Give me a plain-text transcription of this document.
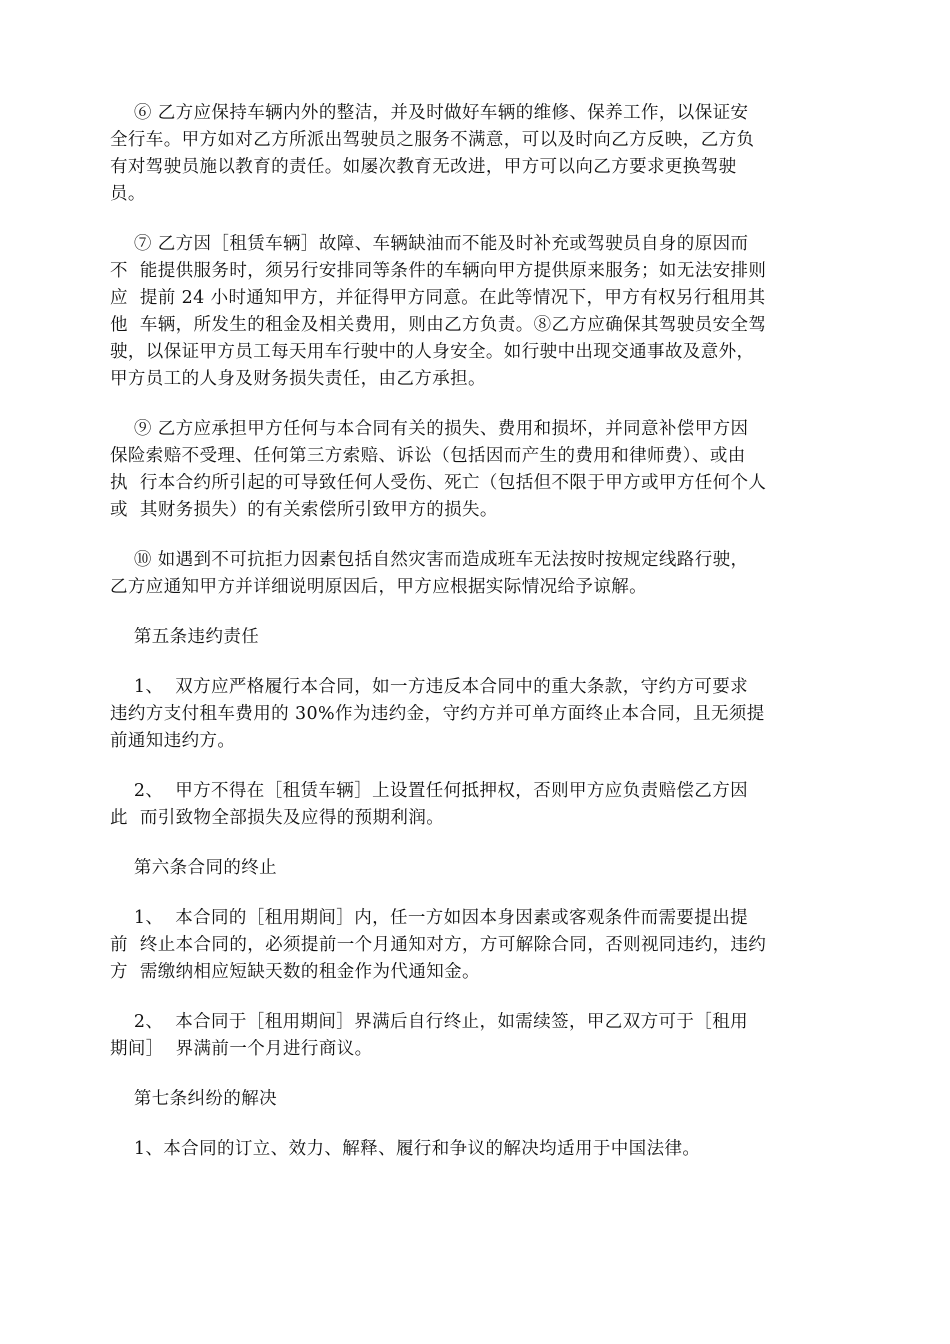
⑥ 乙方应保持车辆内外的整洁，并及时做好车辆的维修、保养工作，以保证安

全行车。甲方如对乙方所派出驾驶员之服务不满意，可以及时向乙方反映，乙方负

有对驾驶员施以教育的责任。如屡次教育无改进，甲方可以向乙方要求更换驾驶

员。

⑦ 乙方因［租赁车辆］故障、车辆缺油而不能及时补充或驾驶员自身的原因而

不  能提供服务时，须另行安排同等条件的车辆向甲方提供原来服务；如无法安排则

应  提前 24 小时通知甲方，并征得甲方同意。在此等情况下，甲方有权另行租用其

他  车辆，所发生的租金及相关费用，则由乙方负责。⑧乙方应确保其驾驶员安全驾

驶，以保证甲方员工每天用车行驶中的人身安全。如行驶中出现交通事故及意外，

甲方员工的人身及财务损失责任，由乙方承担。

⑨ 乙方应承担甲方任何与本合同有关的损失、费用和损坏，并同意补偿甲方因

保险索赔不受理、任何第三方索赔、诉讼（包括因而产生的费用和律师费）、或由

执  行本合约所引起的可导致任何人受伤、死亡（包括但不限于甲方或甲方任何个人

或  其财务损失）的有关索偿所引致甲方的损失。

⑩ 如遇到不可抗拒力因素包括自然灾害而造成班车无法按时按规定线路行驶，

乙方应通知甲方并详细说明原因后，甲方应根据实际情况给予谅解。

第五条违约责任

1、  双方应严格履行本合同，如一方违反本合同中的重大条款，守约方可要求

违约方支付租车费用的 30%作为违约金，守约方并可单方面终止本合同，且无须提

前通知违约方。

2、  甲方不得在［租赁车辆］上设置任何抵押权，否则甲方应负责赔偿乙方因

此  而引致物全部损失及应得的预期利润。

第六条合同的终止

1、  本合同的［租用期间］内，任一方如因本身因素或客观条件而需要提出提

前  终止本合同的，必须提前一个月通知对方，方可解除合同，否则视同违约，违约

方  需缴纳相应短缺天数的租金作为代通知金。

2、  本合同于［租用期间］界满后自行终止，如需续签，甲乙双方可于［租用

期间］  界满前一个月进行商议。

第七条纠纷的解决

1、本合同的订立、效力、解释、履行和争议的解决均适用于中国法律。
